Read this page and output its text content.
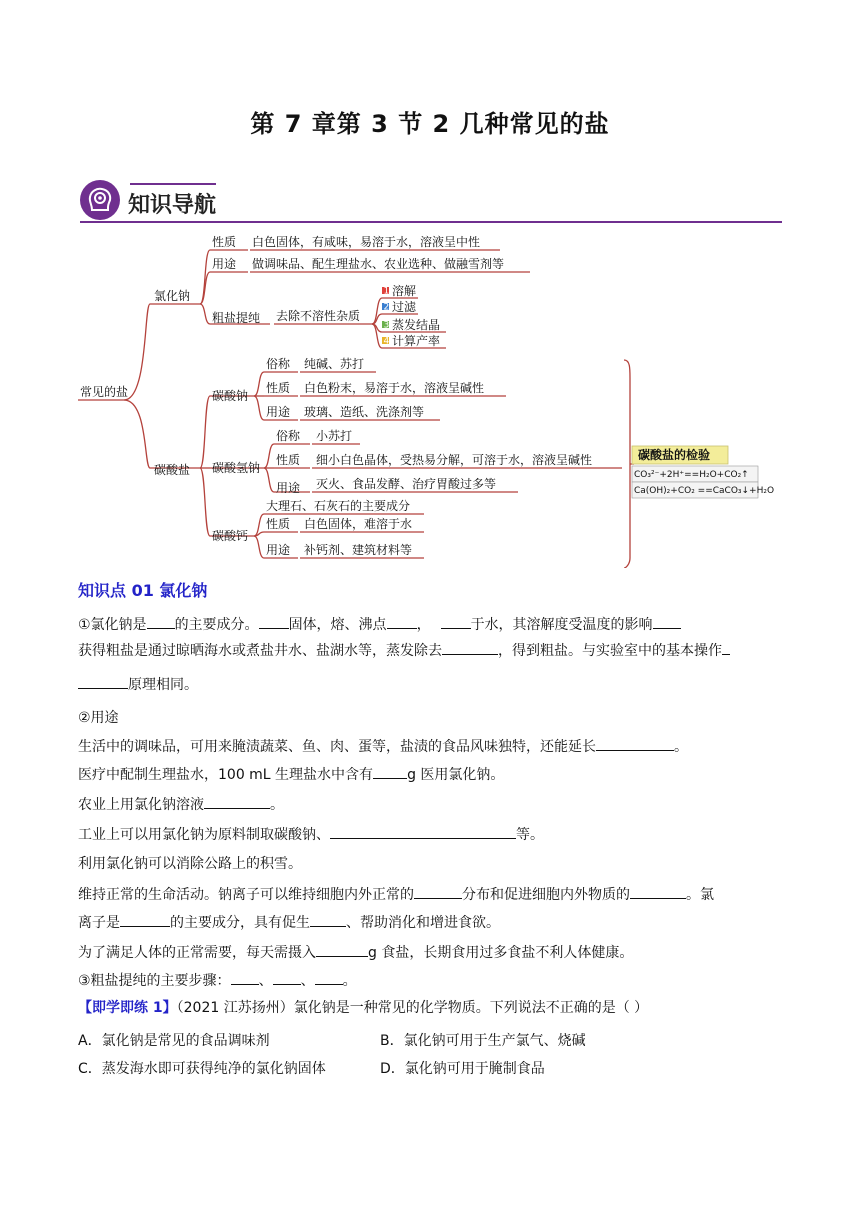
第 7 章第 3 节 2 几种常见的盐
知识导航
常见的盐
氯化钠
性质 白色固体，有咸味，易溶于水，溶液呈中性
用途 做调味品、配生理盐水、农业选种、做融雪剂等
粗盐提纯 去除不溶性杂质
1
2
3
4
溶解
过滤
蒸发结晶
计算产率
碳酸盐
碳酸钠
俗称 纯碱、苏打
性质 白色粉末，易溶于水，溶液呈碱性
用途 玻璃、造纸、洗涤剂等
碳酸氢钠
俗称 小苏打
性质 细小白色晶体，受热易分解，可溶于水，溶液呈碱性
用途 灭火、食品发酵、治疗胃酸过多等
碳酸钙
大理石、石灰石的主要成分
性质 白色固体，难溶于水
用途 补钙剂、建筑材料等
碳酸盐的检验
CO₃²⁻+2H⁺==H₂O+CO₂↑
Ca(OH)₂+CO₂ ==CaCO₃↓+H₂O
知识点 01 氯化钠
①氯化钠是 的主要成分。 固体，熔、沸点 ，	于水，其溶解度受温度的影响
获得粗盐是通过晾晒海水或煮盐井水、盐湖水等，蒸发除去	，得到粗盐。与实验室中的基本操作
原理相同。
②用途
生活中的调味品，可用来腌渍蔬菜、鱼、肉、蛋等，盐渍的食品风味独特，还能延长	。
医疗中配制生理盐水，100 mL 生理盐水中含有 g 医用氯化钠。
农业上用氯化钠溶液	。
工业上可以用氯化钠为原料制取碳酸钠、	等。
利用氯化钠可以消除公路上的积雪。
维持正常的生命活动。钠离子可以维持细胞内外正常的	分布和促进细胞内外物质的	。氯
离子是	的主要成分，具有促生	、帮助消化和增进食欲。
为了满足人体的正常需要，每天需摄入	g 食盐，长期食用过多食盐不利人体健康。
③粗盐提纯的主要步骤： 、 、 。
【即学即练 1】（2021 江苏扬州）氯化钠是一种常见的化学物质。下列说法不正确的是（ ）
A．氯化钠是常见的食品调味剂	B．氯化钠可用于生产氯气、烧碱
C．蒸发海水即可获得纯净的氯化钠固体	D．氯化钠可用于腌制食品
